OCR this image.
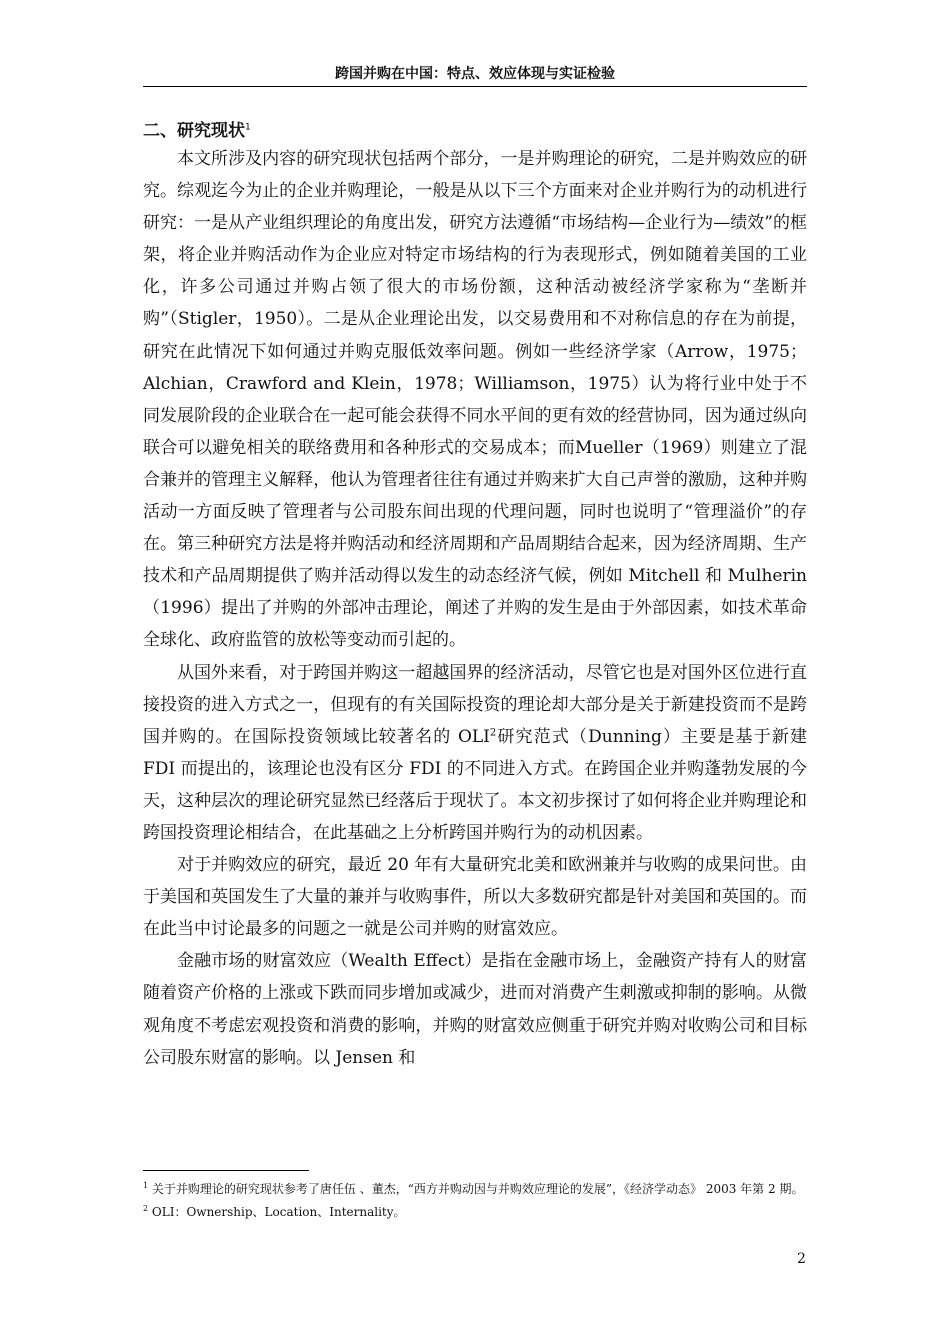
跨国并购在中国：特点、效应体现与实证检验
二、研究现状$^1$

本文所涉及内容的研究现状包括两个部分，一是并购理论的研究，二是并购效应的研究。综观迄今为止的企业并购理论，一般是从以下三个方面来对企业并购行为的动机进行研究：一是从产业组织理论的角度出发，研究方法遵循“市场结构—企业行为—绩效”的框架，将企业并购活动作为企业应对特定市场结构的行为表现形式，例如随着美国的工业化，许多公司通过并购占领了很大的市场份额，这种活动被经济学家称为“垄断并购”（Stigler，1950）。二是从企业理论出发，以交易费用和不对称信息的存在为前提，研究在此情况下如何通过并购克服低效率问题。例如一些经济学家（Arrow，1975；Alchian，Crawford and Klein，1978；Williamson，1975）认为将行业中处于不同发展阶段的企业联合在一起可能会获得不同水平间的更有效的经营协同，因为通过纵向联合可以避免相关的联络费用和各种形式的交易成本；而Mueller（1969）则建立了混合兼并的管理主义解释，他认为管理者往往有通过并购来扩大自己声誉的激励，这种并购活动一方面反映了管理者与公司股东间出现的代理问题，同时也说明了“管理溢价”的存在。第三种研究方法是将并购活动和经济周期和产品周期结合起来，因为经济周期、生产技术和产品周期提供了购并活动得以发生的动态经济气候，例如 Mitchell 和 Mulherin（1996）提出了并购的外部冲击理论，阐述了并购的发生是由于外部因素，如技术革命全球化、政府监管的放松等变动而引起的。

从国外来看，对于跨国并购这一超越国界的经济活动，尽管它也是对国外区位进行直接投资的进入方式之一，但现有的有关国际投资的理论却大部分是关于新建投资而不是跨国并购的。在国际投资领域比较著名的 OLI$^2$研究范式（Dunning）主要是基于新建 FDI 而提出的，该理论也没有区分 FDI 的不同进入方式。在跨国企业并购蓬勃发展的今天，这种层次的理论研究显然已经落后于现状了。本文初步探讨了如何将企业并购理论和跨国投资理论相结合，在此基础之上分析跨国并购行为的动机因素。

对于并购效应的研究，最近 20 年有大量研究北美和欧洲兼并与收购的成果问世。由于美国和英国发生了大量的兼并与收购事件，所以大多数研究都是针对美国和英国的。而在此当中讨论最多的问题之一就是公司并购的财富效应。

金融市场的财富效应（Wealth Effect）是指在金融市场上，金融资产持有人的财富随着资产价格的上涨或下跌而同步增加或减少，进而对消费产生刺激或抑制的影响。从微观角度不考虑宏观投资和消费的影响，并购的财富效应侧重于研究并购对收购公司和目标公司股东财富的影响。以 Jensen 和

$^1$ 关于并购理论的研究现状参考了唐任伍 、董杰，“西方并购动因与并购效应理论的发展”，《经济学动态》 2003 年第 2 期。

$^2$ OLI：Ownership、Location、Internality。

2
